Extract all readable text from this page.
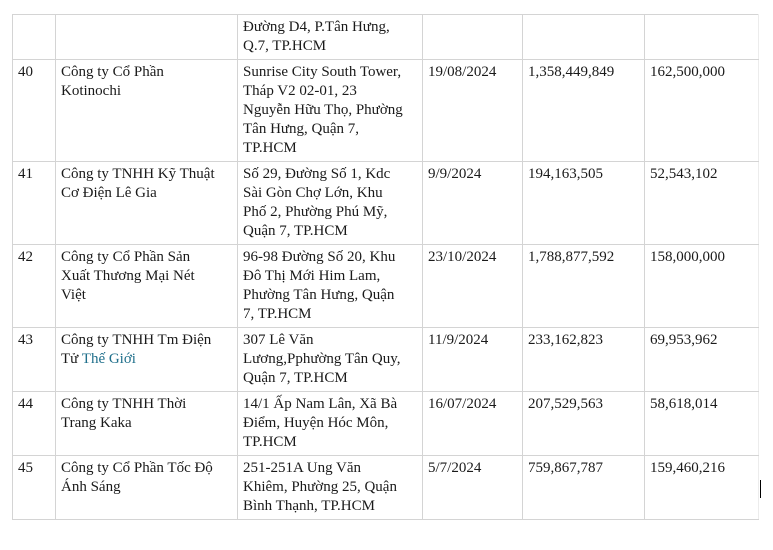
		Đường D4, P.Tân Hưng,
Q.7, TP.HCM			
40	Công ty Cổ Phần
Kotinochi	Sunrise City South Tower,
Tháp V2 02-01, 23
Nguyễn Hữu Thọ, Phường
Tân Hưng, Quận 7,
TP.HCM	19/08/2024	1,358,449,849	162,500,000
41	Công ty TNHH Kỹ Thuật
Cơ Điện Lê Gia	Số 29, Đường Số 1, Kdc
Sài Gòn Chợ Lớn, Khu
Phố 2, Phường Phú Mỹ,
Quận 7, TP.HCM	9/9/2024	194,163,505	52,543,102
42	Công ty Cổ Phần Sản
Xuất Thương Mại Nét
Việt	96-98 Đường Số 20, Khu
Đô Thị Mới Him Lam,
Phường Tân Hưng, Quận
7, TP.HCM	23/10/2024	1,788,877,592	158,000,000
43	Công ty TNHH Tm Điện
Tử Thế Giới	307 Lê Văn
Lương,Pphường Tân Quy,
Quận 7, TP.HCM	11/9/2024	233,162,823	69,953,962
44	Công ty TNHH Thời
Trang Kaka	14/1 Ấp Nam Lân, Xã Bà
Điểm, Huyện Hóc Môn,
TP.HCM	16/07/2024	207,529,563	58,618,014
45	Công ty Cổ Phần Tốc Độ
Ánh Sáng	251-251A Ung Văn
Khiêm, Phường 25, Quận
Bình Thạnh, TP.HCM	5/7/2024	759,867,787	159,460,216
